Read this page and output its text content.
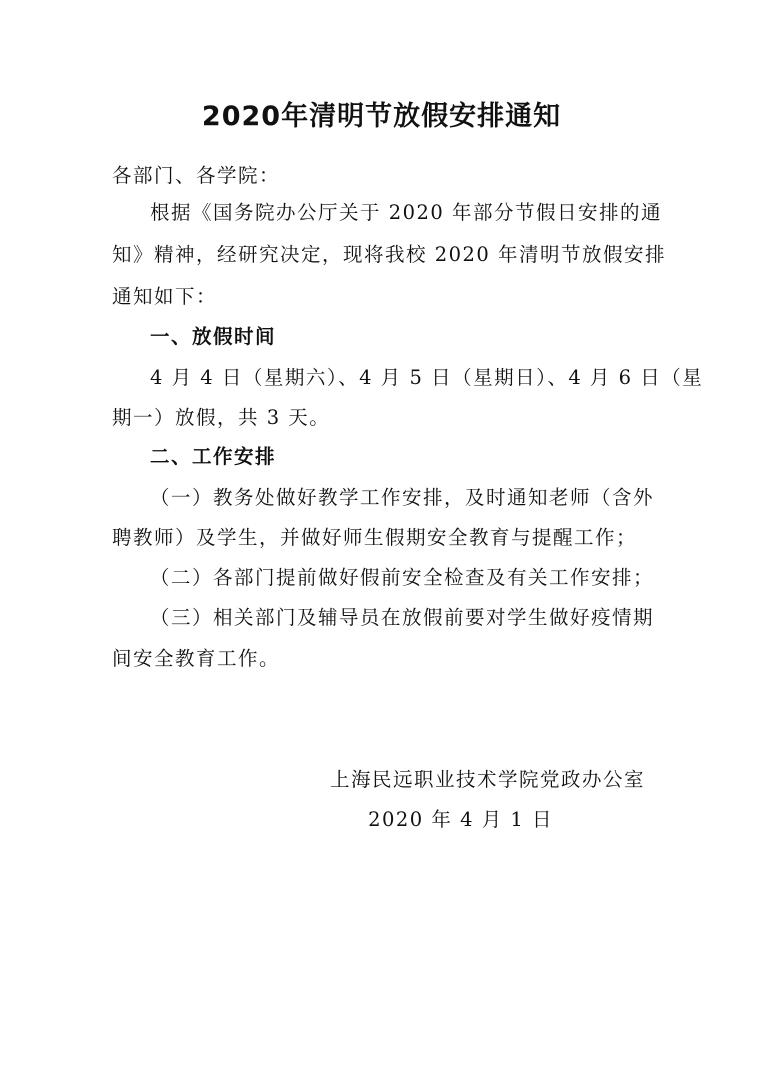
2020年清明节放假安排通知
各部门、各学院：
根据《国务院办公厅关于 2020 年部分节假日安排的通
知》精神，经研究决定，现将我校 2020 年清明节放假安排
通知如下：
一、放假时间
4 月 4 日（星期六）、4 月 5 日（星期日）、4 月 6 日（星
期一）放假，共 3 天。
二、工作安排
（一）教务处做好教学工作安排，及时通知老师（含外
聘教师）及学生，并做好师生假期安全教育与提醒工作；
（二）各部门提前做好假前安全检查及有关工作安排；
（三）相关部门及辅导员在放假前要对学生做好疫情期
间安全教育工作。
上海民远职业技术学院党政办公室
2020 年 4 月 1 日
